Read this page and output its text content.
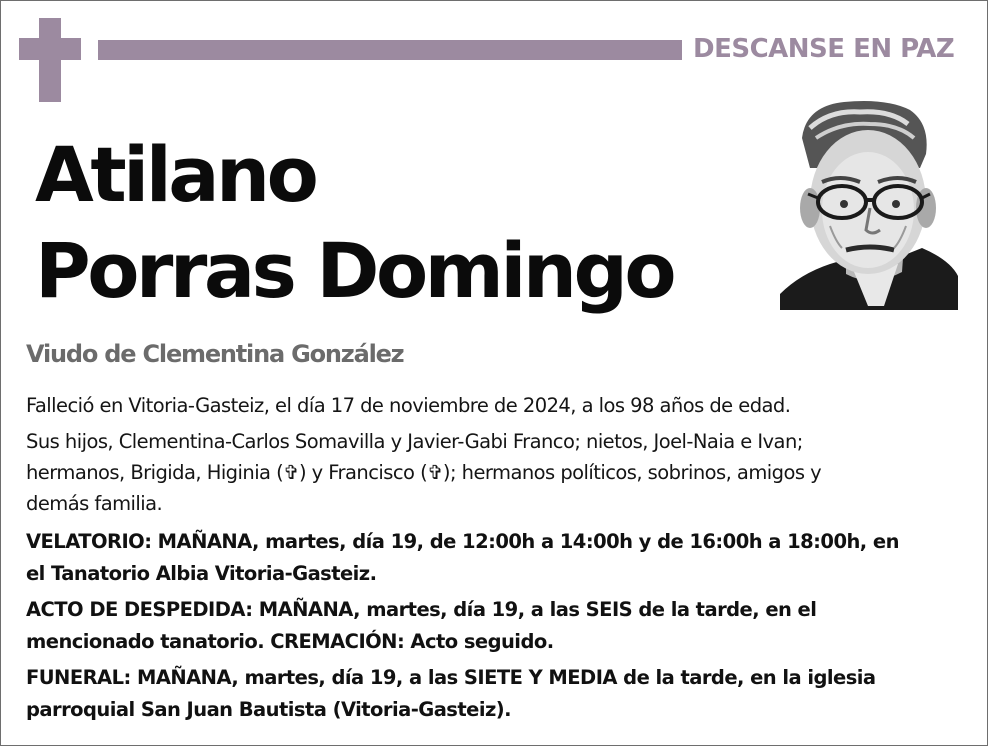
DESCANSE EN PAZ
Atilano
Porras Domingo
Viudo de Clementina González
Falleció en Vitoria-Gasteiz, el día 17 de noviembre de 2024, a los 98 años de edad.
Sus hijos, Clementina-Carlos Somavilla y Javier-Gabi Franco; nietos, Joel-Naia e Ivan;
hermanos, Brigida, Higinia (✞) y Francisco (✞); hermanos políticos, sobrinos, amigos y
demás familia.
VELATORIO: MAÑANA, martes, día 19, de 12:00h a 14:00h y de 16:00h a 18:00h, en
el Tanatorio Albia Vitoria-Gasteiz.
ACTO DE DESPEDIDA: MAÑANA, martes, día 19, a las SEIS de la tarde, en el
mencionado tanatorio. CREMACIÓN: Acto seguido.
FUNERAL: MAÑANA, martes, día 19, a las SIETE Y MEDIA de la tarde, en la iglesia
parroquial San Juan Bautista (Vitoria-Gasteiz).
